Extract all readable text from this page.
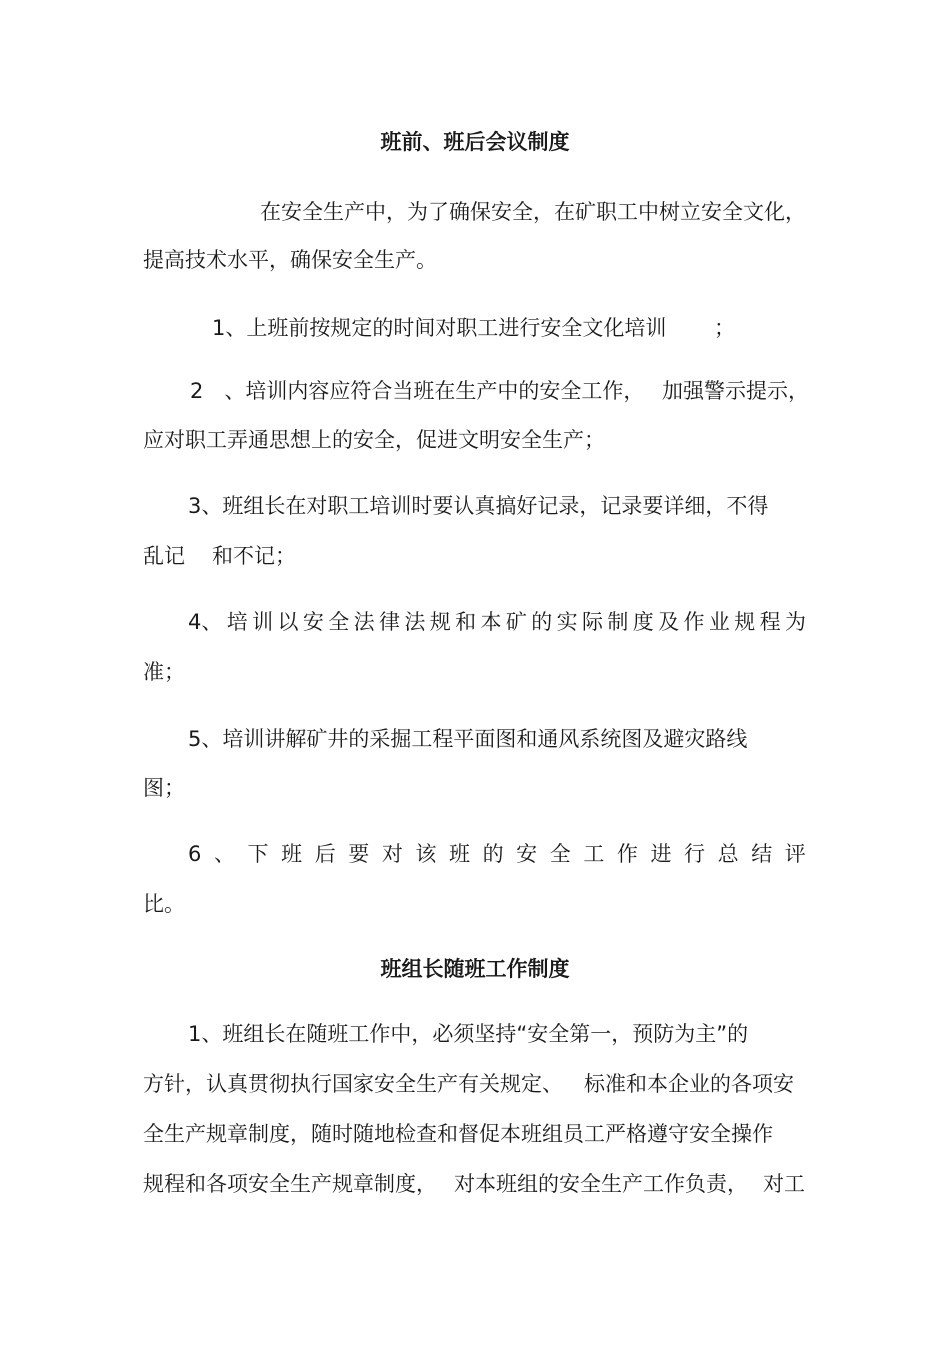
班前、班后会议制度

在安全生产中，为了确保安全，在矿职工中树立安全文化，

提高技术水平，确保安全生产。

1、上班前按规定的时间对职工进行安全文化培训 ；

2　、培训内容应符合当班在生产中的安全工作， 加强警示提示，

应对职工弄通思想上的安全，促进文明安全生产；

3、班组长在对职工培训时要认真搞好记录，记录要详细，不得

乱记 和不记；

4、 培 训 以 安 全 法 律 法 规 和 本 矿 的 实 际 制 度 及 作 业 规 程 为

准；

5、培训讲解矿井的采掘工程平面图和通风系统图及避灾路线

图；

6 、 下 班 后 要 对 该 班 的 安 全 工 作 进 行 总 结 评

比。

班组长随班工作制度

1、班组长在随班工作中，必须坚持“安全第一，预防为主”的

方针，认真贯彻执行国家安全生产有关规定、 标准和本企业的各项安

全生产规章制度，随时随地检查和督促本班组员工严格遵守安全操作

规程和各项安全生产规章制度， 对本班组的安全生产工作负责， 对工
